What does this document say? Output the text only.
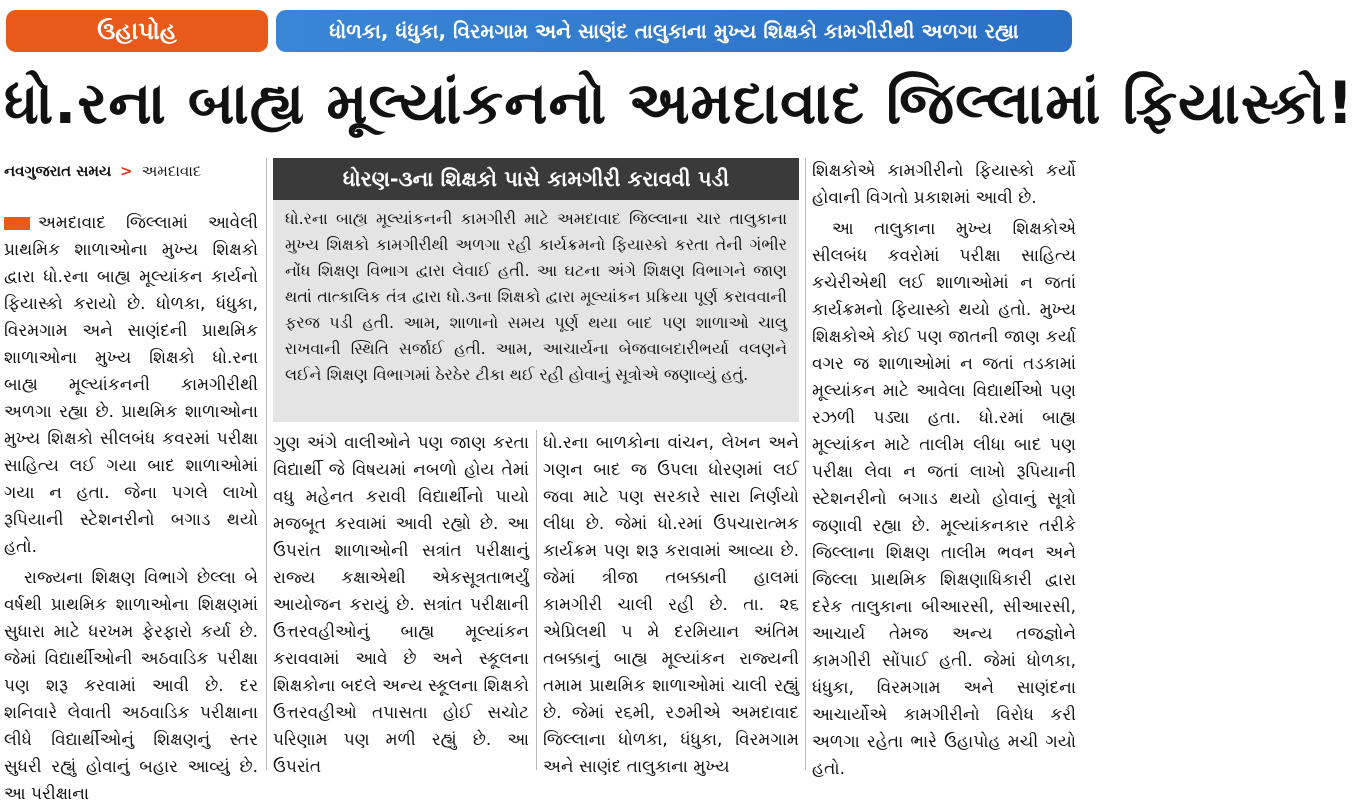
ઉહાપોહ	ધોળકા, ધંધુકા, વિરમગામ અને સાણંદ તાલુકાના મુખ્ય શિક્ષકો કામગીરીથી અળગા રહ્યા
ધો.રના બાહ્ય મૂલ્યાંકનનો અમદાવાદ જિલ્લામાં ફિયાસ્કો!
નવગુજરાત સમય > અમદાવાદ

અમદાવાદ જિલ્લામાં આવેલી પ્રાથમિક શાળાઓના મુખ્ય શિક્ષકો દ્વારા ધો.રના બાહ્ય મૂલ્યાંકન કાર્યનો ફિયાસ્કો કરાયો છે. ધોળકા, ધંધુકા, વિરમગામ અને સાણંદની પ્રાથમિક શાળાઓના મુખ્ય શિક્ષકો ધો.રના બાહ્ય મૂલ્યાંકનની કામગીરીથી અળગા રહ્યા છે. પ્રાથમિક શાળાઓના મુખ્ય શિક્ષકો સીલબંધ કવરમાં પરીક્ષા સાહિત્ય લઈ ગયા બાદ શાળાઓમાં ગયા ન હતા. જેના પગલે લાખો રૂપિયાની સ્ટેશનરીનો બગાડ થયો હતો.

રાજ્યના શિક્ષણ વિભાગે છેલ્લા બે વર્ષથી પ્રાથમિક શાળાઓના શિક્ષણમાં સુધારા માટે ધરખમ ફેરફારો કર્યા છે. જેમાં વિદ્યાર્થીઓની અઠવાડિક પરીક્ષા પણ શરૂ કરવામાં આવી છે. દર શનિવારે લેવાતી અઠવાડિક પરીક્ષાના લીધે વિદ્યાર્થીઓનું શિક્ષણનું સ્તર સુધરી રહ્યું હોવાનું બહાર આવ્યું છે. આ પરીક્ષાના

ધોરણ-૩ના શિક્ષકો પાસે કામગીરી કરાવવી પડી
ધો.રના બાહ્ય મૂલ્યાંકનની કામગીરી માટે અમદાવાદ જિલ્લાના ચાર તાલુકાના મુખ્ય શિક્ષકો કામગીરીથી અળગા રહી કાર્યક્રમનો ફિયાસ્કો કરતા તેની ગંભીર નોંધ શિક્ષણ વિભાગ દ્વારા લેવાઈ હતી. આ ઘટના અંગે શિક્ષણ વિભાગને જાણ થતાં તાત્કાલિક તંત્ર દ્વારા ધો.૩ના શિક્ષકો દ્વારા મૂલ્યાંકન પ્રક્રિયા પૂર્ણ કરાવવાની ફરજ પડી હતી. આમ, શાળાનો સમય પૂર્ણ થયા બાદ પણ શાળાઓ ચાલુ રાખવાની સ્થિતિ સર્જાઈ હતી. આમ, આચાર્યના બેજવાબદારીભર્યા વલણને લઈને શિક્ષણ વિભાગમાં ઠેરઠેર ટીકા થઈ રહી હોવાનું સૂત્રોએ જણાવ્યું હતું.

ગુણ અંગે વાલીઓને પણ જાણ કરતા વિદ્યાર્થી જે વિષયમાં નબળો હોય તેમાં વધુ મહેનત કરાવી વિદ્યાર્થીનો પાયો મજબૂત કરવામાં આવી રહ્યો છે. આ ઉપરાંત શાળાઓની સત્રાંત પરીક્ષાનું રાજ્ય કક્ષાએથી એકસૂત્રતાભર્યું આયોજન કરાયું છે. સત્રાંત પરીક્ષાની ઉત્તરવહીઓનું બાહ્ય મૂલ્યાંકન કરાવવામાં આવે છે અને સ્કૂલના શિક્ષકોના બદલે અન્ય સ્કૂલના શિક્ષકો ઉત્તરવહીઓ તપાસતા હોઈ સચોટ પરિણામ પણ મળી રહ્યું છે. આ ઉપરાંત

ધો.રના બાળકોના વાંચન, લેખન અને ગણન બાદ જ ઉપલા ધોરણમાં લઈ જવા માટે પણ સરકારે સારા નિર્ણયો લીધા છે. જેમાં ધો.રમાં ઉપચારાત્મક કાર્યક્રમ પણ શરૂ કરાવામાં આવ્યા છે. જેમાં ત્રીજા તબક્કાની હાલમાં કામગીરી ચાલી રહી છે. તા. ૨૬ એપ્રિલથી ૫ મે દરમિયાન અંતિમ તબક્કાનું બાહ્ય મૂલ્યાંકન રાજ્યની તમામ પ્રાથમિક શાળાઓમાં ચાલી રહ્યું છે. જેમાં ર૬મી, ર૭મીએ અમદાવાદ જિલ્લાના ધોળકા, ધંધુકા, વિરમગામ અને સાણંદ તાલુકાના મુખ્ય

શિક્ષકોએ કામગીરીનો ફિયાસ્કો કર્યો હોવાની વિગતો પ્રકાશમાં આવી છે.

આ તાલુકાના મુખ્ય શિક્ષકોએ સીલબંધ કવરોમાં પરીક્ષા સાહિત્ય કચેરીએથી લઈ શાળાઓમાં ન જતાં કાર્યક્રમનો ફિયાસ્કો થયો હતો. મુખ્ય શિક્ષકોએ કોઈ પણ જાતની જાણ કર્યા વગર જ શાળાઓમાં ન જતાં તડકામાં મૂલ્યાંકન માટે આવેલા વિદ્યાર્થીઓ પણ રઝળી પડ્યા હતા. ધો.રમાં બાહ્ય મૂલ્યાંકન માટે તાલીમ લીધા બાદ પણ પરીક્ષા લેવા ન જતાં લાખો રૂપિયાની સ્ટેશનરીનો બગાડ થયો હોવાનું સૂત્રો જણાવી રહ્યા છે. મૂલ્યાંકનકાર તરીકે જિલ્લાના શિક્ષણ તાલીમ ભવન અને જિલ્લા પ્રાથમિક શિક્ષણાધિકારી દ્વારા દરેક તાલુકાના બીઆરસી, સીઆરસી, આચાર્ય તેમજ અન્ય તજજ્ઞોને કામગીરી સોંપાઈ હતી. જેમાં ધોળકા, ધંધુકા, વિરમગામ અને સાણંદના આચાર્યોએ કામગીરીનો વિરોધ કરી અળગા રહેતા ભારે ઉહાપોહ મચી ગયો હતો.
